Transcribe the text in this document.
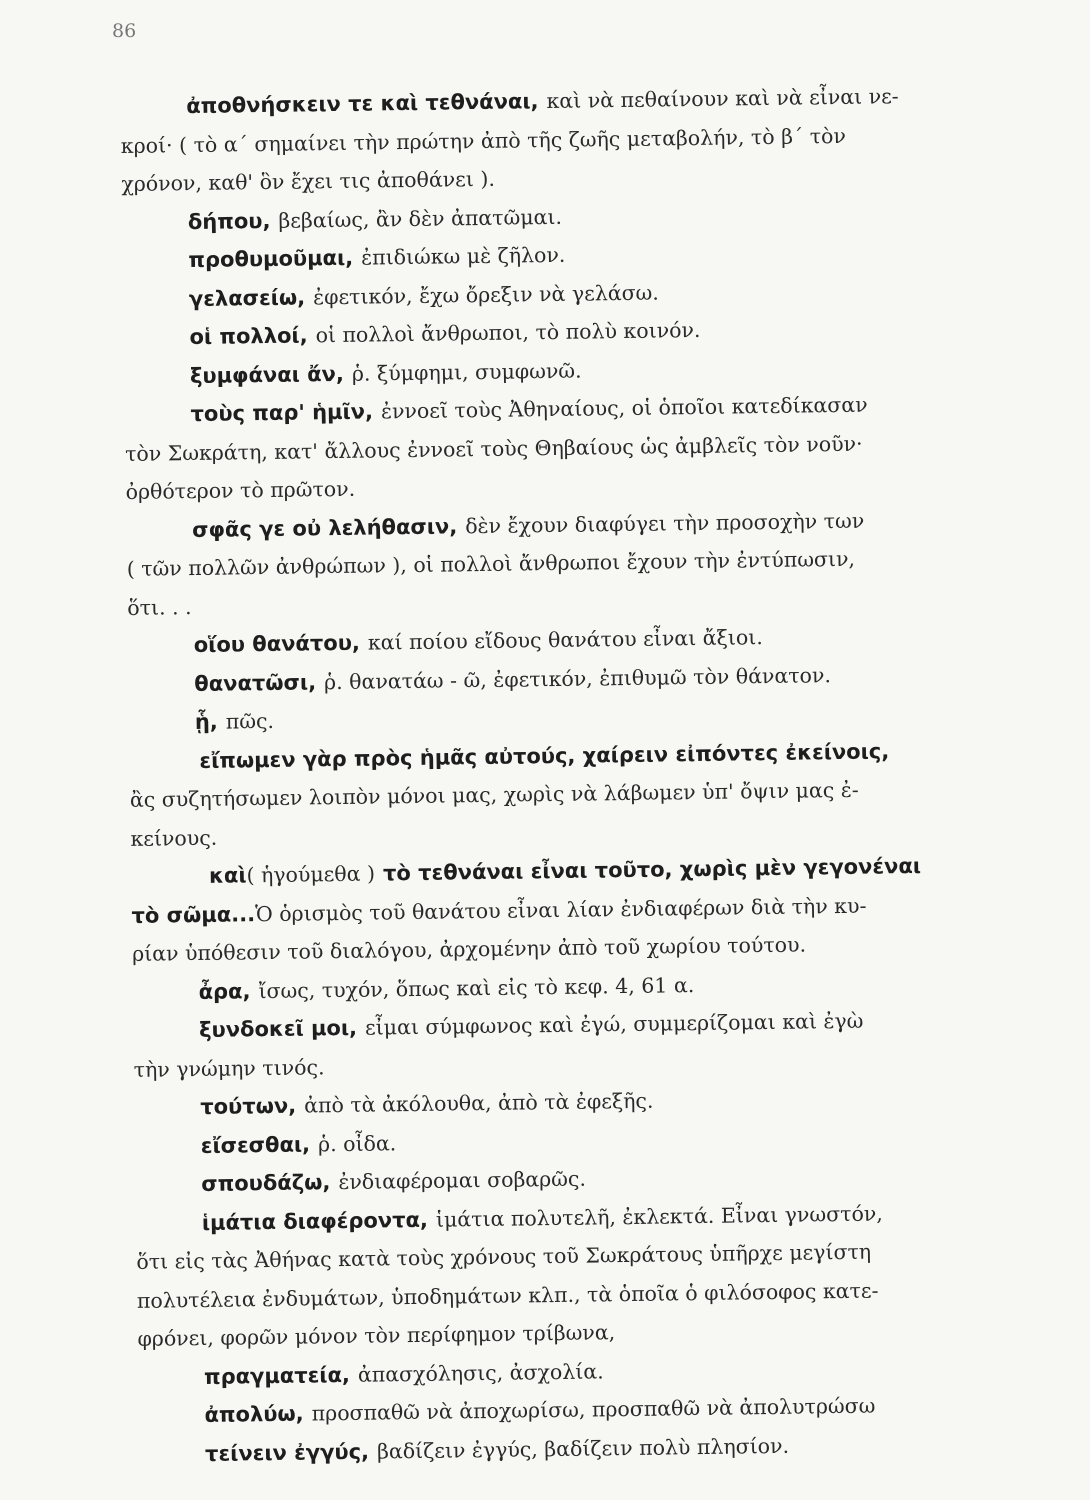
86
ἀποθνήσκειν τε καὶ τεθνάναι, καὶ νὰ πεθαίνουν καὶ νὰ εἶναι νε-
κροί· ( τὸ α΄ σημαίνει τὴν πρώτην ἀπὸ τῆς ζωῆς μεταβολήν, τὸ β΄ τὸν
χρόνον, καθ' ὃν ἔχει τις ἀποθάνει ).
δήπου, βεβαίως, ἂν δὲν ἀπατῶμαι.
προθυμοῦμαι, ἐπιδιώκω μὲ ζῆλον.
γελασείω, ἐφετικόν, ἔχω ὄρεξιν νὰ γελάσω.
οἱ πολλοί, οἱ πολλοὶ ἄνθρωποι, τὸ πολὺ κοινόν.
ξυμφάναι ἄν, ῥ. ξύμφημι, συμφωνῶ.
τοὺς παρ' ἡμῖν, ἐννοεῖ τοὺς Ἀθηναίους, οἱ ὁποῖοι κατεδίκασαν
τὸν Σωκράτη, κατ' ἄλλους ἐννοεῖ τοὺς Θηβαίους ὡς ἀμβλεῖς τὸν νοῦν·
ὀρθότερον τὸ πρῶτον.
σφᾶς γε οὐ λελήθασιν, δὲν ἔχουν διαφύγει τὴν προσοχὴν των
( τῶν πολλῶν ἀνθρώπων ), οἱ πολλοὶ ἄνθρωποι ἔχουν τὴν ἐντύπωσιν,
ὅτι. . .
οἵου θανάτου, καί ποίου εἴδους θανάτου εἶναι ἄξιοι.
θανατῶσι, ῥ. θανατάω - ῶ, ἐφετικόν, ἐπιθυμῶ τὸν θάνατον.
ᾗ, πῶς.
εἴπωμεν γὰρ πρὸς ἡμᾶς αὐτούς, χαίρειν εἰπόντες ἐκείνοις,
ἂς συζητήσωμεν λοιπὸν μόνοι μας, χωρὶς νὰ λάβωμεν ὑπ' ὄψιν μας ἐ-
κείνους.
καὶ( ἡγούμεθα ) τὸ τεθνάναι εἶναι τοῦτο, χωρὶς μὲν γεγονέναι
τὸ σῶμα...Ὁ ὁρισμὸς τοῦ θανάτου εἶναι λίαν ἐνδιαφέρων διὰ τὴν κυ-
ρίαν ὑπόθεσιν τοῦ διαλόγου, ἀρχομένην ἀπὸ τοῦ χωρίου τούτου.
ἆρα, ἴσως, τυχόν, ὅπως καὶ εἰς τὸ κεφ. 4, 61 α.
ξυνδοκεῖ μοι, εἶμαι σύμφωνος καὶ ἐγώ, συμμερίζομαι καὶ ἐγὼ
τὴν γνώμην τινός.
τούτων, ἀπὸ τὰ ἀκόλουθα, ἀπὸ τὰ ἐφεξῆς.
εἴσεσθαι, ῥ. οἶδα.
σπουδάζω, ἐνδιαφέρομαι σοβαρῶς.
ἱμάτια διαφέροντα, ἱμάτια πολυτελῆ, ἐκλεκτά. Εἶναι γνωστόν,
ὅτι εἰς τὰς Ἀθήνας κατὰ τοὺς χρόνους τοῦ Σωκράτους ὑπῆρχε μεγίστη
πολυτέλεια ἐνδυμάτων, ὑποδημάτων κλπ., τὰ ὁποῖα ὁ φιλόσοφος κατε-
φρόνει, φορῶν μόνον τὸν περίφημον τρίβωνα,
πραγματεία, ἀπασχόλησις, ἀσχολία.
ἀπολύω, προσπαθῶ νὰ ἀποχωρίσω, προσπαθῶ νὰ ἀπολυτρώσω
τείνειν ἐγγύς, βαδίζειν ἐγγύς, βαδίζειν πολὺ πλησίον.
